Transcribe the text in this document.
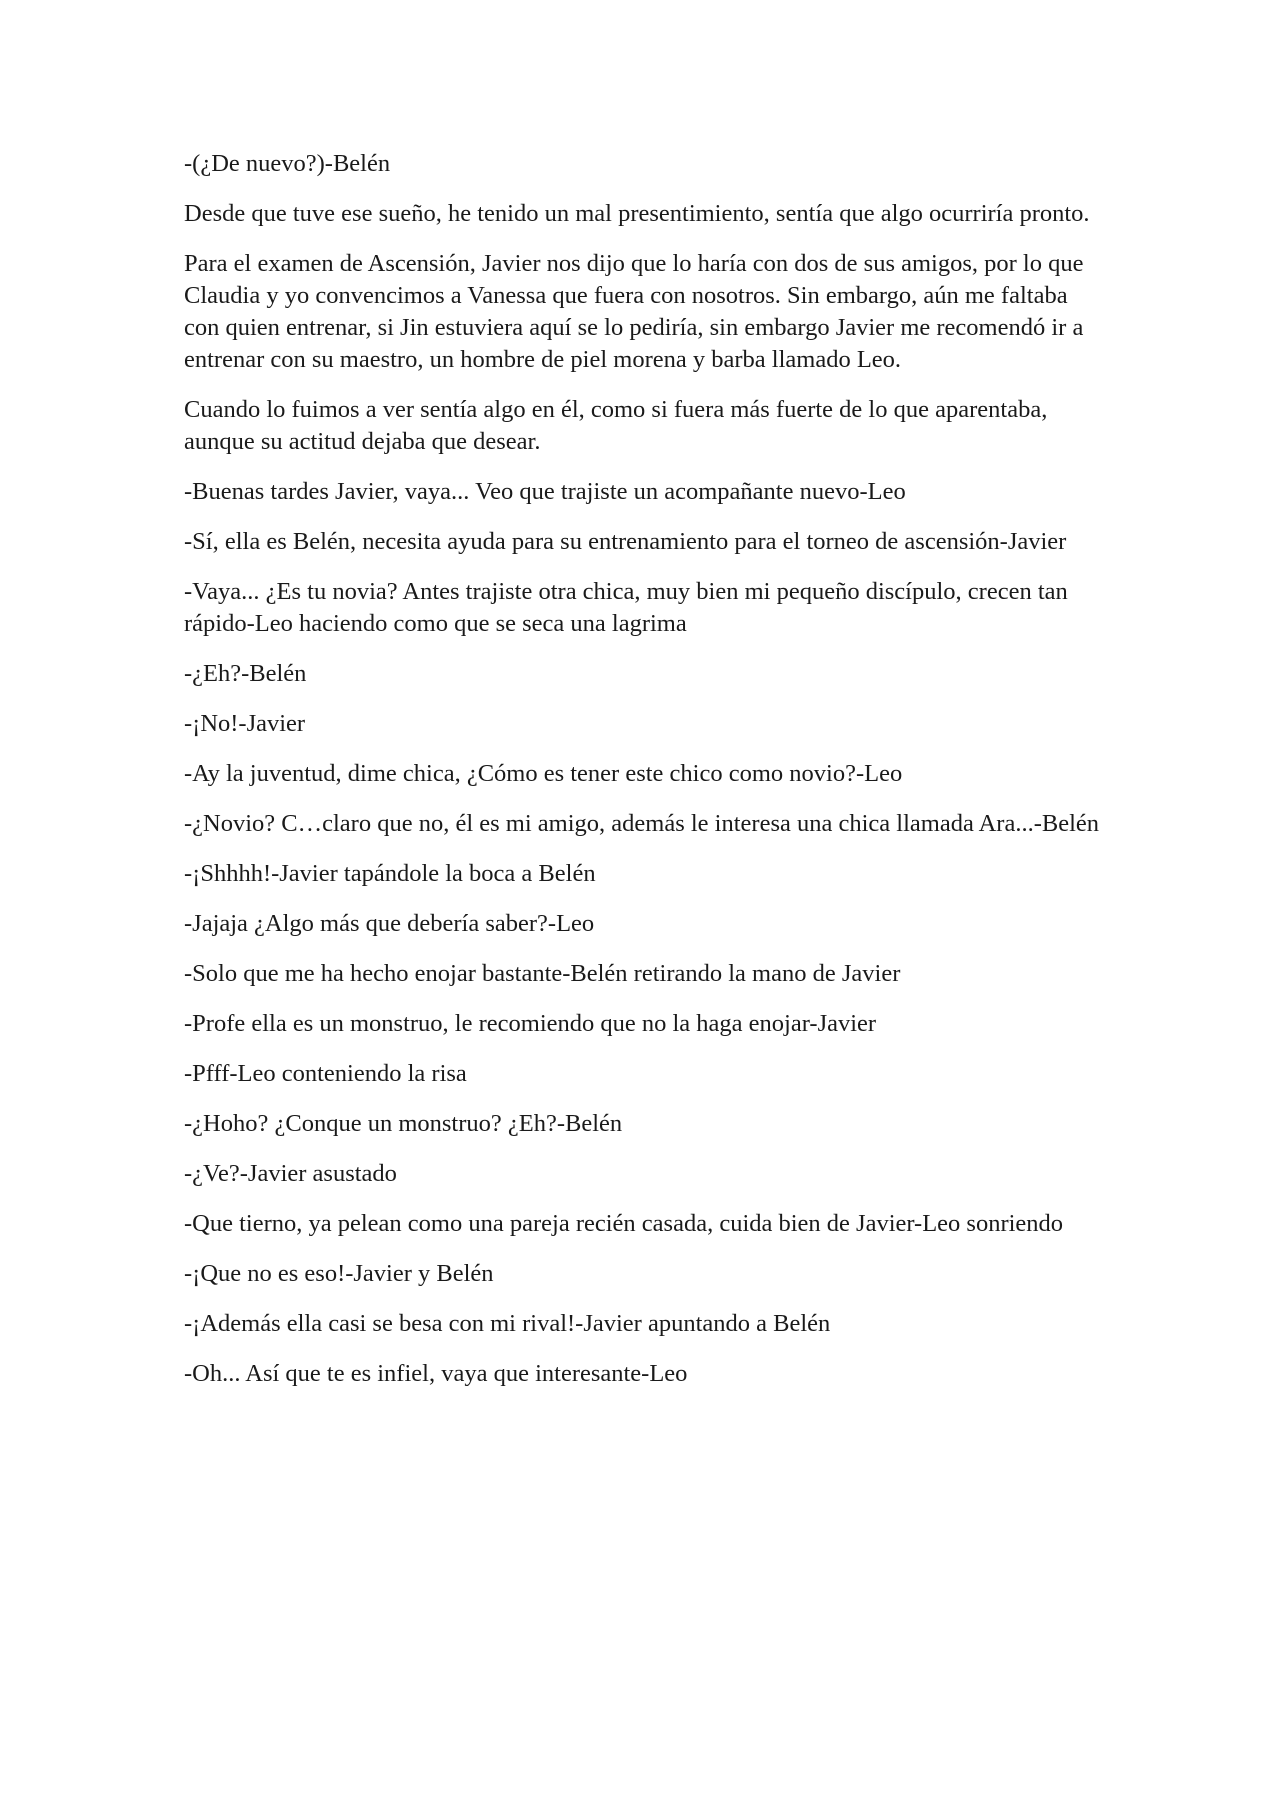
-(¿De nuevo?)-Belén

Desde que tuve ese sueño, he tenido un mal presentimiento, sentía que algo ocurriría pronto.

Para el examen de Ascensión, Javier nos dijo que lo haría con dos de sus amigos, por lo que Claudia y yo convencimos a Vanessa que fuera con nosotros. Sin embargo, aún me faltaba con quien entrenar, si Jin estuviera aquí se lo pediría, sin embargo Javier me recomendó ir a entrenar con su maestro, un hombre de piel morena y barba llamado Leo.

Cuando lo fuimos a ver sentía algo en él, como si fuera más fuerte de lo que aparentaba, aunque su actitud dejaba que desear.

-Buenas tardes Javier, vaya... Veo que trajiste un acompañante nuevo-Leo

-Sí, ella es Belén, necesita ayuda para su entrenamiento para el torneo de ascensión-Javier

-Vaya... ¿Es tu novia? Antes trajiste otra chica, muy bien mi pequeño discípulo, crecen tan rápido-Leo haciendo como que se seca una lagrima

-¿Eh?-Belén

-¡No!-Javier

-Ay la juventud, dime chica, ¿Cómo es tener este chico como novio?-Leo

-¿Novio? C…claro que no, él es mi amigo, además le interesa una chica llamada Ara...-Belén

-¡Shhhh!-Javier tapándole la boca a Belén

-Jajaja ¿Algo más que debería saber?-Leo

-Solo que me ha hecho enojar bastante-Belén retirando la mano de Javier

-Profe ella es un monstruo, le recomiendo que no la haga enojar-Javier

-Pfff-Leo conteniendo la risa

-¿Hoho? ¿Conque un monstruo? ¿Eh?-Belén

-¿Ve?-Javier asustado

-Que tierno, ya pelean como una pareja recién casada, cuida bien de Javier-Leo sonriendo

-¡Que no es eso!-Javier y Belén

-¡Además ella casi se besa con mi rival!-Javier apuntando a Belén

-Oh... Así que te es infiel, vaya que interesante-Leo
